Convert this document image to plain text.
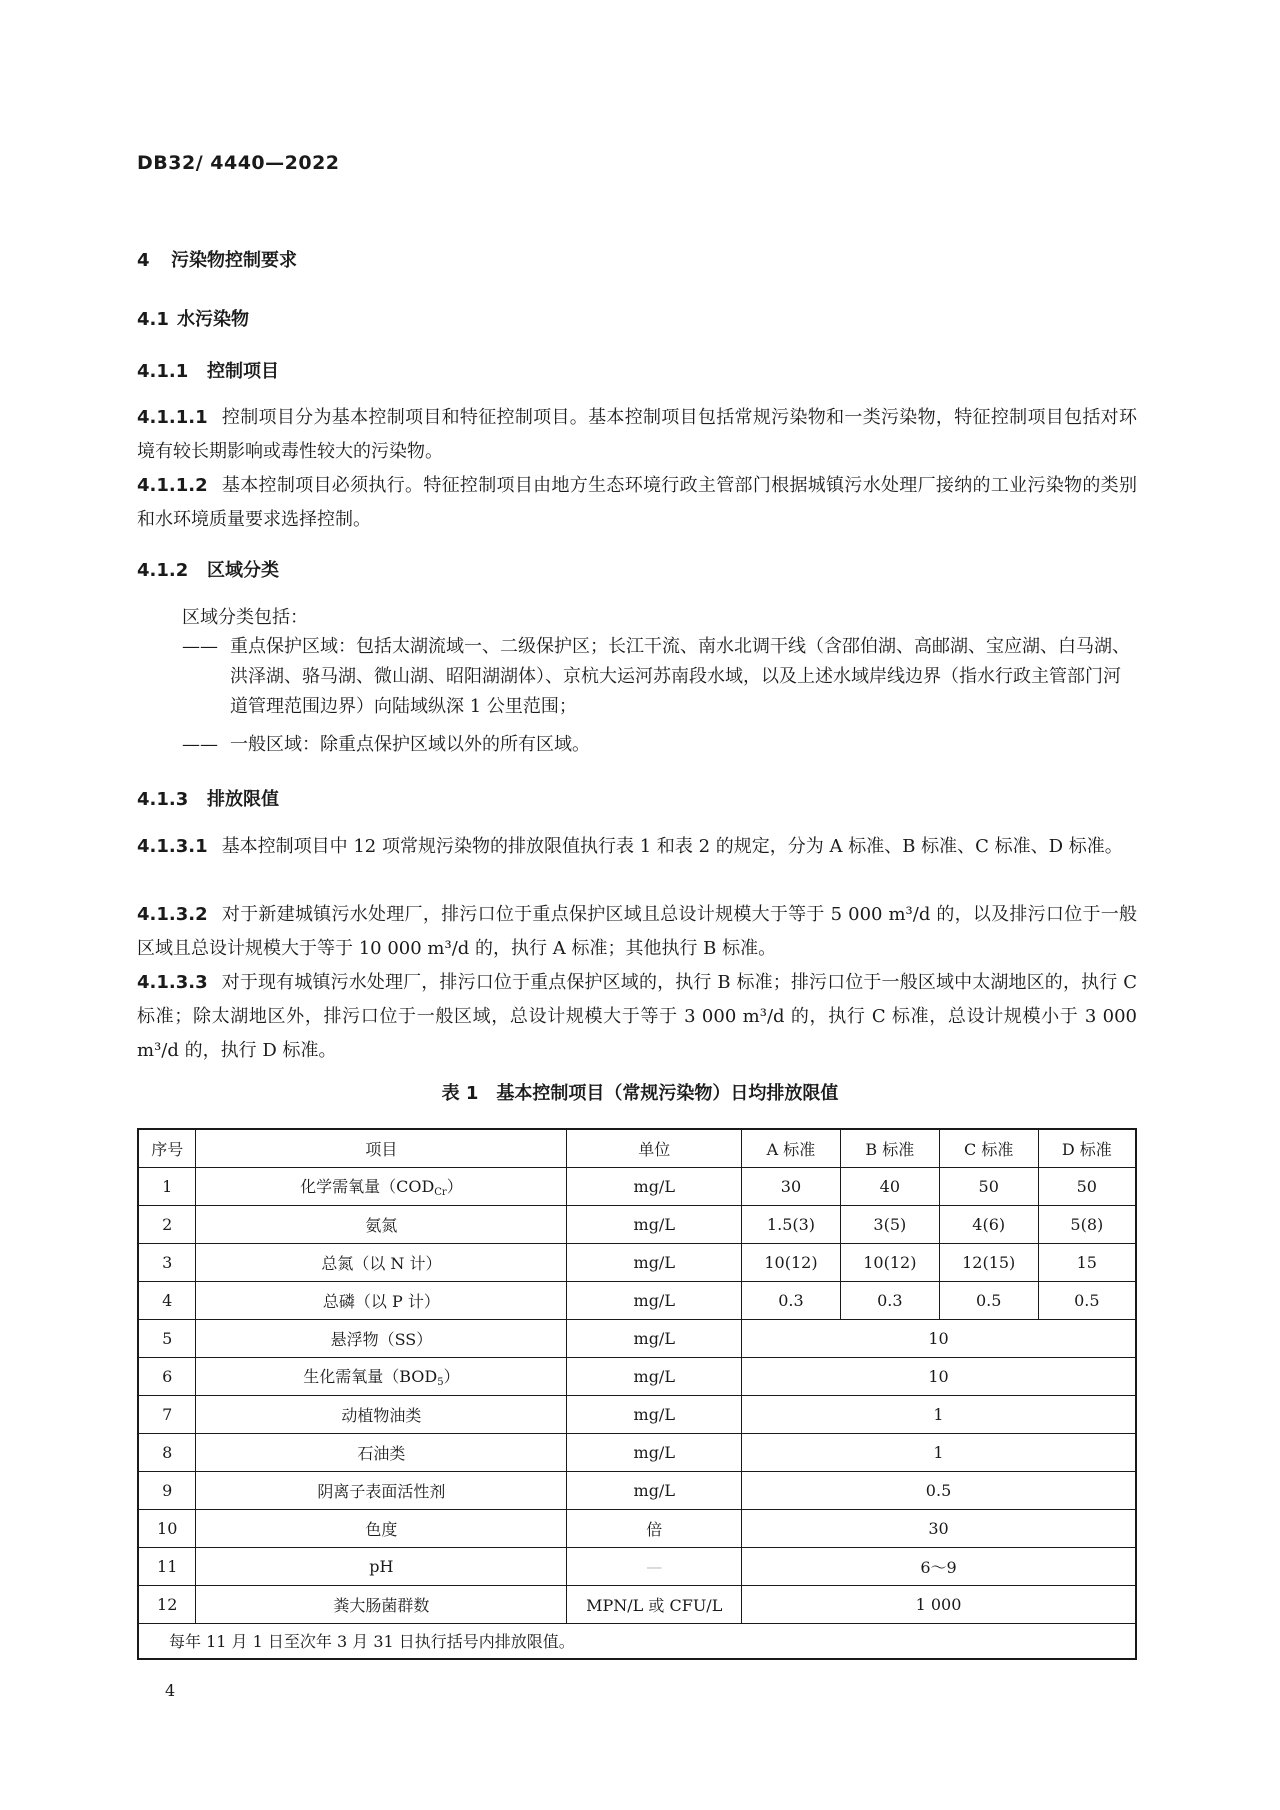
DB32/ 4440—2022
4 污染物控制要求
4.1 水污染物
4.1.1 控制项目
4.1.1.1 控制项目分为基本控制项目和特征控制项目。基本控制项目包括常规污染物和一类污染物，特征控制项目包括对环境有较长期影响或毒性较大的污染物。
4.1.1.2 基本控制项目必须执行。特征控制项目由地方生态环境行政主管部门根据城镇污水处理厂接纳的工业污染物的类别和水环境质量要求选择控制。
4.1.2 区域分类
区域分类包括：
—— 重点保护区域：包括太湖流域一、二级保护区；长江干流、南水北调干线（含邵伯湖、高邮湖、宝应湖、白马湖、洪泽湖、骆马湖、微山湖、昭阳湖湖体）、京杭大运河苏南段水域，以及上述水域岸线边界（指水行政主管部门河道管理范围边界）向陆域纵深 1 公里范围；
—— 一般区域：除重点保护区域以外的所有区域。
4.1.3 排放限值
4.1.3.1 基本控制项目中 12 项常规污染物的排放限值执行表 1 和表 2 的规定，分为 A 标准、B 标准、C 标准、D 标准。
4.1.3.2 对于新建城镇污水处理厂，排污口位于重点保护区域且总设计规模大于等于 5 000 m³/d 的，以及排污口位于一般区域且总设计规模大于等于 10 000 m³/d 的，执行 A 标准；其他执行 B 标准。
4.1.3.3 对于现有城镇污水处理厂，排污口位于重点保护区域的，执行 B 标准；排污口位于一般区域中太湖地区的，执行 C 标准；除太湖地区外，排污口位于一般区域，总设计规模大于等于 3 000 m³/d 的，执行 C 标准，总设计规模小于 3 000 m³/d 的，执行 D 标准。
表 1　基本控制项目（常规污染物）日均排放限值
序号	项目	单位	A 标准	B 标准	C 标准	D 标准
1	化学需氧量$(COD_{Cr})$	mg/L	30	40	50	50
2	氨氮	mg/L	1.5(3)	3(5)	4(6)	5(8)
3	总氮（以 N 计）	mg/L	10(12)	10(12)	12(15)	15
4	总磷（以 P 计）	mg/L	0.3	0.3	0.5	0.5
5	悬浮物（SS）	mg/L	10			
6	生化需氧量$(BOD_5)$	mg/L	10			
7	动植物油类	mg/L	1			
8	石油类	mg/L	1			
9	阴离子表面活性剂	mg/L	0.5			
10	色度	倍	30			
11	pH	—	6～9			
12	粪大肠菌群数	MPN/L 或 CFU/L	1 000			
每年 11 月 1 日至次年 3 月 31 日执行括号内排放限值。						
4
